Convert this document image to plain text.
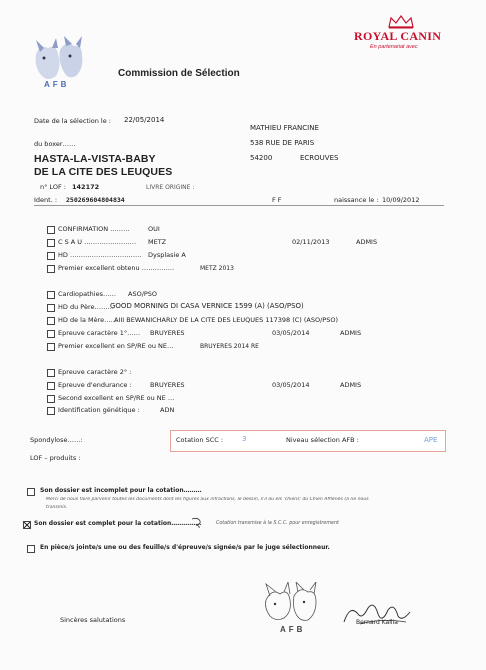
AFB
ROYAL CANIN
En partenariat avec
Commission de Sélection
Date de la sélection le : 22/05/2014
MATHIEU FRANCINE
538 RUE DE PARIS
54200	ECROUVES
du boxer……
HASTA-LA-VISTA-BABY
DE LA CITE DES LEUQUES
n° LOF : 142172	LIVRE ORIGINE :
Ident. : 250269604804834	F F	naissance le : 10/09/2012
CONFIRMATION ………	OUI
C S A U …………………… METZ	02/11/2013	ADMIS
HD …………………………… Dysplasie A
Premier excellent obtenu ……………	METZ 2013
Cardiopathies…… ASO/PSO
HD du Père………
GOOD MORNING DI CASA VERNICE 1599 (A) (ASO/PSO)
HD de la Mère……
AIII BEWANICHARLY DE LA CITE DES LEUQUES 117398 (C) (ASO/PSO)
Epreuve caractère 1°…… BRUYERES	03/05/2014	ADMIS
Premier excellent en SP/RE ou NE…	BRUYERES 2014 RE
Epreuve caractère 2° :
Epreuve d'endurance :	BRUYERES	03/05/2014	ADMIS
Second excellent en SP/RE ou NE …
Identification génétique :	ADN
Spondylose……:	Cotation SCC :	3	Niveau sélection AFB :	APE
LOF – produits :
Son dossier est incomplet pour la cotation………
Merci de nous faire parvenir toutes les documents dont les figures aux infractions, le dessin, s'il ou els 'chiens' du Chien Afflénés (à ne nous
transmis.
Son dossier est complet pour la cotation……………	Cotation transmise à la S.C.C. pour enregistrement
En pièce/s jointe/s une ou des feuille/s d'épreuve/s signée/s par le juge sélectionneur.
Sincères salutations
AFB
Bernard Kallia
